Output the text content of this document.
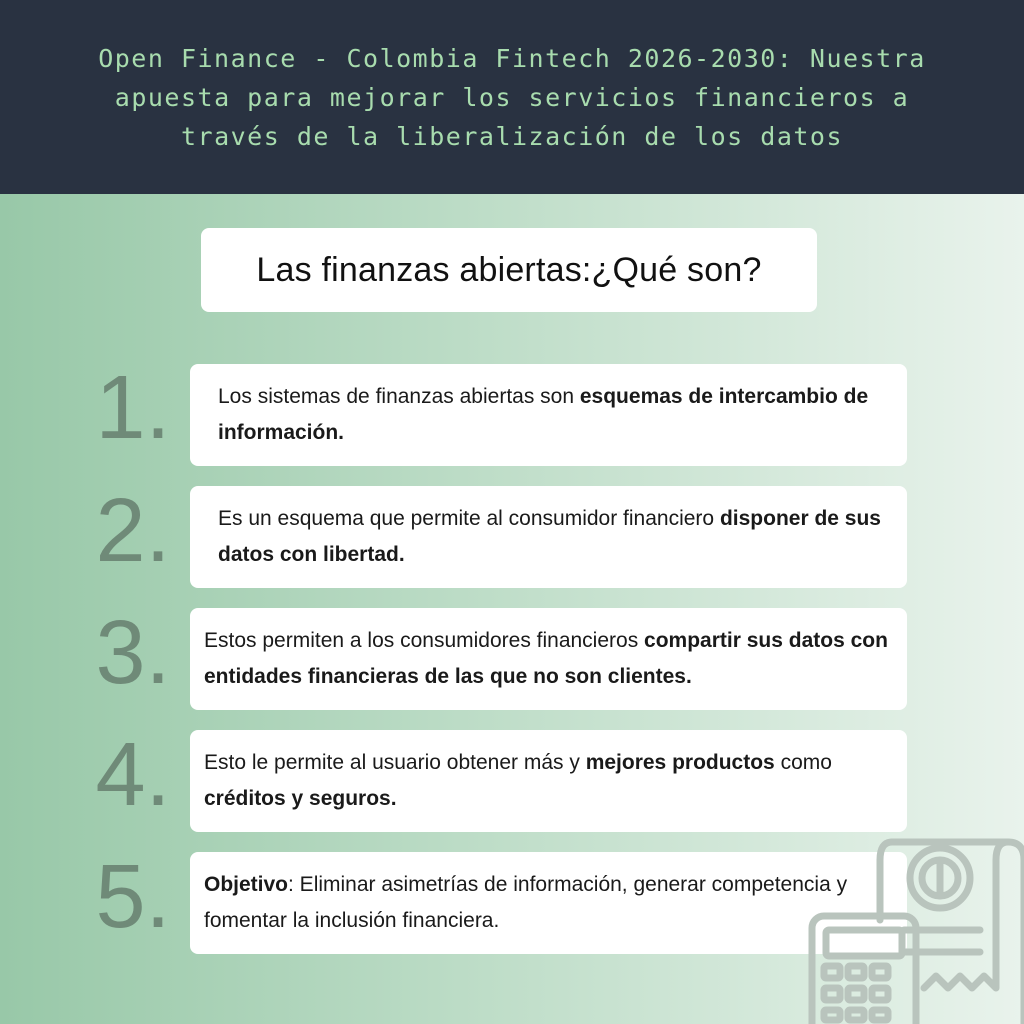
Open Finance - Colombia Fintech 2026-2030: Nuestra apuesta para mejorar los servicios financieros a través de la liberalización de los datos
Las finanzas abiertas:¿Qué son?
1.	Los sistemas de finanzas abiertas son esquemas de intercambio de información.

2.	Es un esquema que permite al consumidor financiero disponer de sus datos con libertad.

3.	Estos permiten a los consumidores financieros compartir sus datos con entidades financieras de las que no son clientes.

4.	Esto le permite al usuario obtener más y mejores productos como créditos y seguros.

5.	Objetivo: Eliminar asimetrías de información, generar competencia y fomentar la inclusión financiera.
